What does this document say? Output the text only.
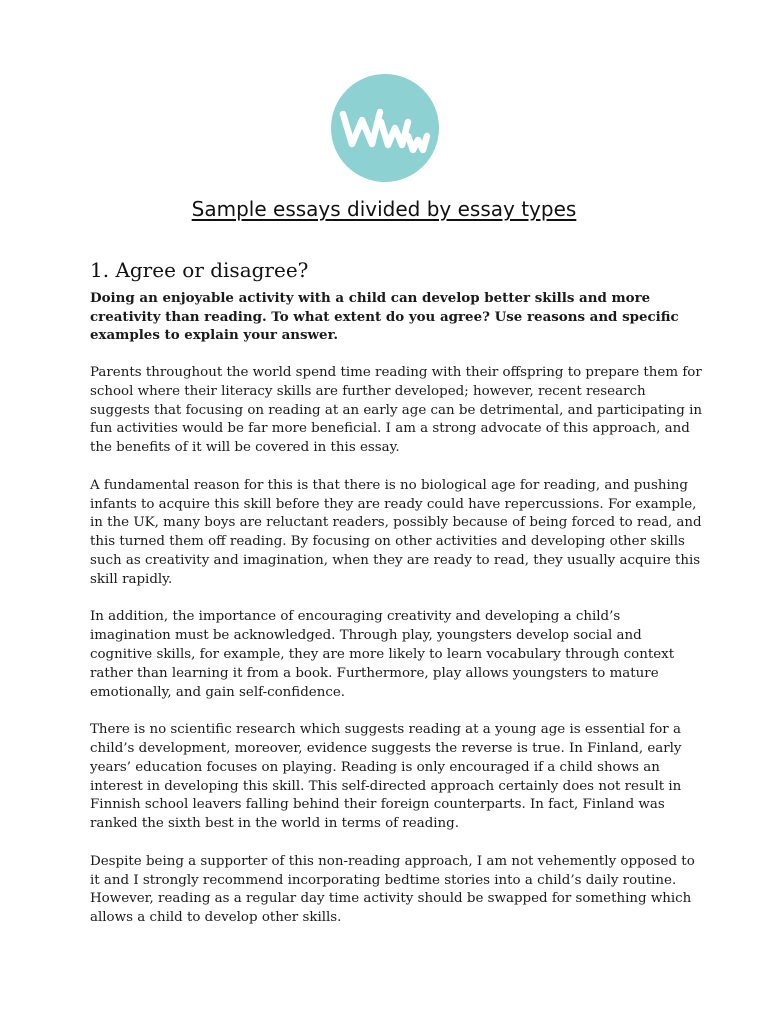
Sample essays divided by essay types
1. Agree or disagree?

Doing an enjoyable activity with a child can develop better skills and more
creativity than reading. To what extent do you agree? Use reasons and specific
examples to explain your answer.

Parents throughout the world spend time reading with their offspring to prepare them for
school where their literacy skills are further developed; however, recent research
suggests that focusing on reading at an early age can be detrimental, and participating in
fun activities would be far more beneficial. I am a strong advocate of this approach, and
the benefits of it will be covered in this essay.

A fundamental reason for this is that there is no biological age for reading, and pushing
infants to acquire this skill before they are ready could have repercussions. For example,
in the UK, many boys are reluctant readers, possibly because of being forced to read, and
this turned them off reading. By focusing on other activities and developing other skills
such as creativity and imagination, when they are ready to read, they usually acquire this
skill rapidly.

In addition, the importance of encouraging creativity and developing a child’s
imagination must be acknowledged. Through play, youngsters develop social and
cognitive skills, for example, they are more likely to learn vocabulary through context
rather than learning it from a book. Furthermore, play allows youngsters to mature
emotionally, and gain self-confidence.

There is no scientific research which suggests reading at a young age is essential for a
child’s development, moreover, evidence suggests the reverse is true. In Finland, early
years’ education focuses on playing. Reading is only encouraged if a child shows an
interest in developing this skill. This self-directed approach certainly does not result in
Finnish school leavers falling behind their foreign counterparts. In fact, Finland was
ranked the sixth best in the world in terms of reading.

Despite being a supporter of this non-reading approach, I am not vehemently opposed to
it and I strongly recommend incorporating bedtime stories into a child’s daily routine.
However, reading as a regular day time activity should be swapped for something which
allows a child to develop other skills.
